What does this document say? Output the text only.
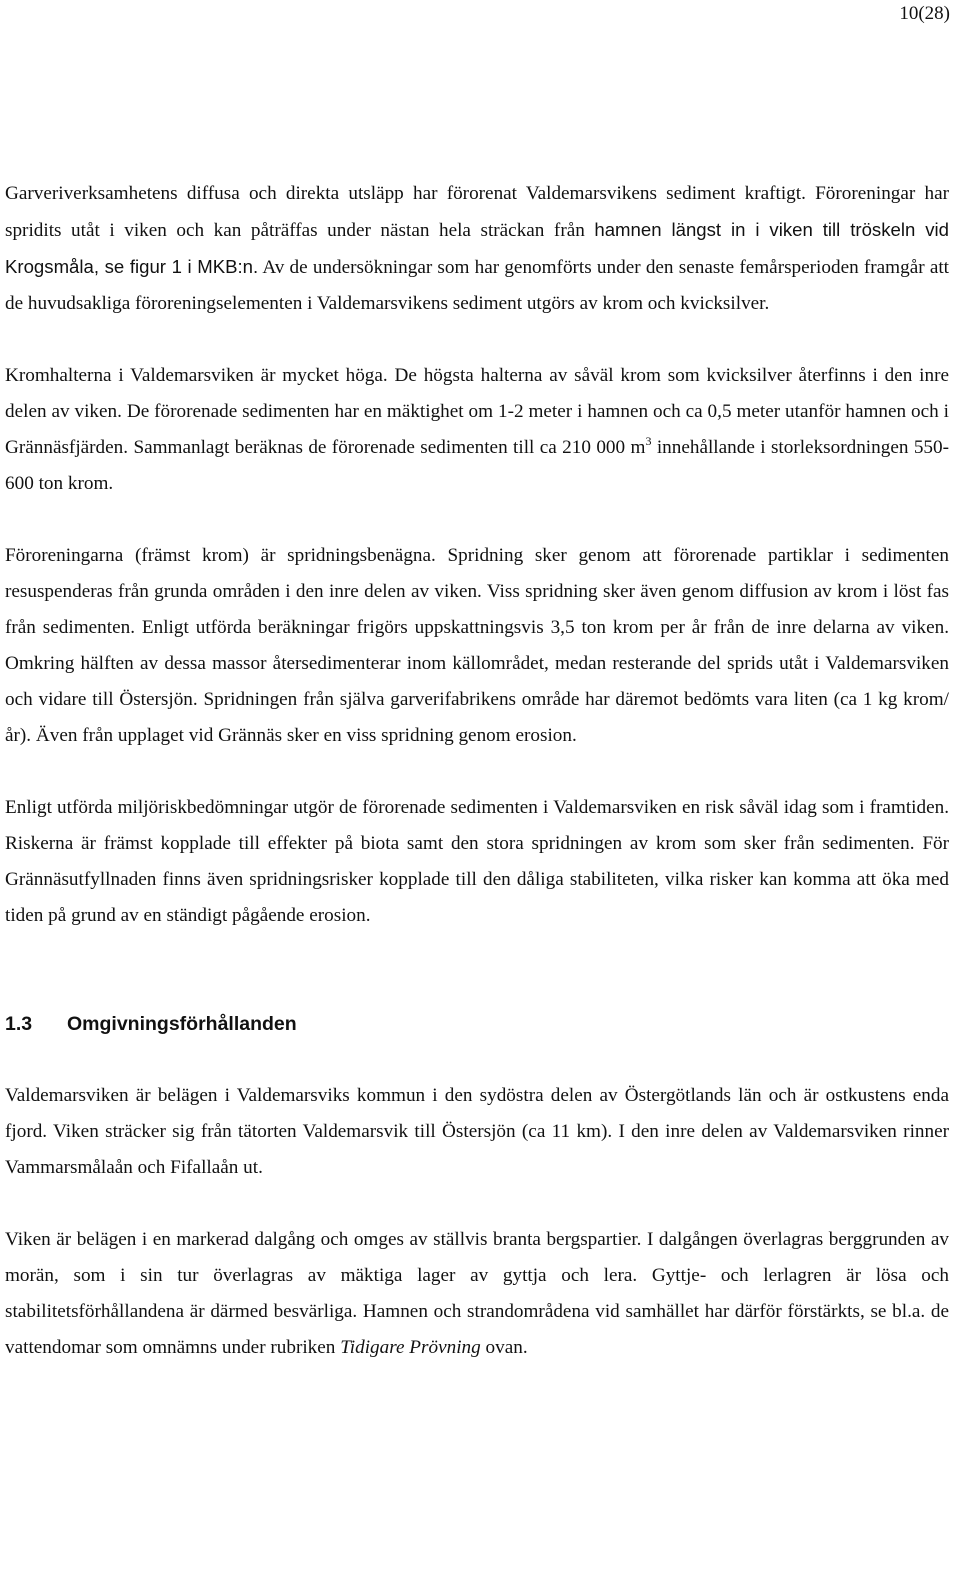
10(28)

Garveriverksamhetens diffusa och direkta utsläpp har förorenat Valdemarsvikens sediment kraftigt. Föroreningar har spridits utåt i viken och kan påträffas under nästan hela sträckan från hamnen längst in i viken till tröskeln vid Krogsmåla, se figur 1 i MKB:n. Av de undersökningar som har genomförts under den senaste femårsperioden framgår att de huvudsakliga föroreningselementen i Valdemarsvikens sediment utgörs av krom och kvicksilver.

Kromhalterna i Valdemarsviken är mycket höga. De högsta halterna av såväl krom som kvicksilver återfinns i den inre delen av viken. De förorenade sedimenten har en mäktighet om 1-2 meter i hamnen och ca 0,5 meter utanför hamnen och i Grännäsfjärden. Sammanlagt beräknas de förorenade sedimenten till ca 210 000 $m^3$ innehållande i storleksordningen 550-600 ton krom.

Föroreningarna (främst krom) är spridningsbenägna. Spridning sker genom att förorenade partiklar i sedimenten resuspenderas från grunda områden i den inre delen av viken. Viss spridning sker även genom diffusion av krom i löst fas från sedimenten. Enligt utförda beräkningar frigörs uppskattningsvis 3,5 ton krom per år från de inre delarna av viken. Omkring hälften av dessa massor återsedimenterar inom källområdet, medan resterande del sprids utåt i Valdemarsviken och vidare till Östersjön. Spridningen från själva garverifabrikens område har däremot bedömts vara liten (ca 1 kg krom/år). Även från upplaget vid Grännäs sker en viss spridning genom erosion.

Enligt utförda miljöriskbedömningar utgör de förorenade sedimenten i Valdemarsviken en risk såväl idag som i framtiden. Riskerna är främst kopplade till effekter på biota samt den stora spridningen av krom som sker från sedimenten. För Grännäsutfyllnaden finns även spridningsrisker kopplade till den dåliga stabiliteten, vilka risker kan komma att öka med tiden på grund av en ständigt pågående erosion.

1.3	Omgivningsförhållanden

Valdemarsviken är belägen i Valdemarsviks kommun i den sydöstra delen av Östergötlands län och är ostkustens enda fjord. Viken sträcker sig från tätorten Valdemarsvik till Östersjön (ca 11 km). I den inre delen av Valdemarsviken rinner Vammarsmålaån och Fifallaån ut.

Viken är belägen i en markerad dalgång och omges av ställvis branta bergspartier. I dalgången överlagras berggrunden av morän, som i sin tur överlagras av mäktiga lager av gyttja och lera. Gyttje- och lerlagren är lösa och stabilitetsförhållandena är därmed besvärliga. Hamnen och strandområdena vid samhället har därför förstärkts, se bl.a. de vattendomar som omnämns under rubriken Tidigare Prövning ovan.
